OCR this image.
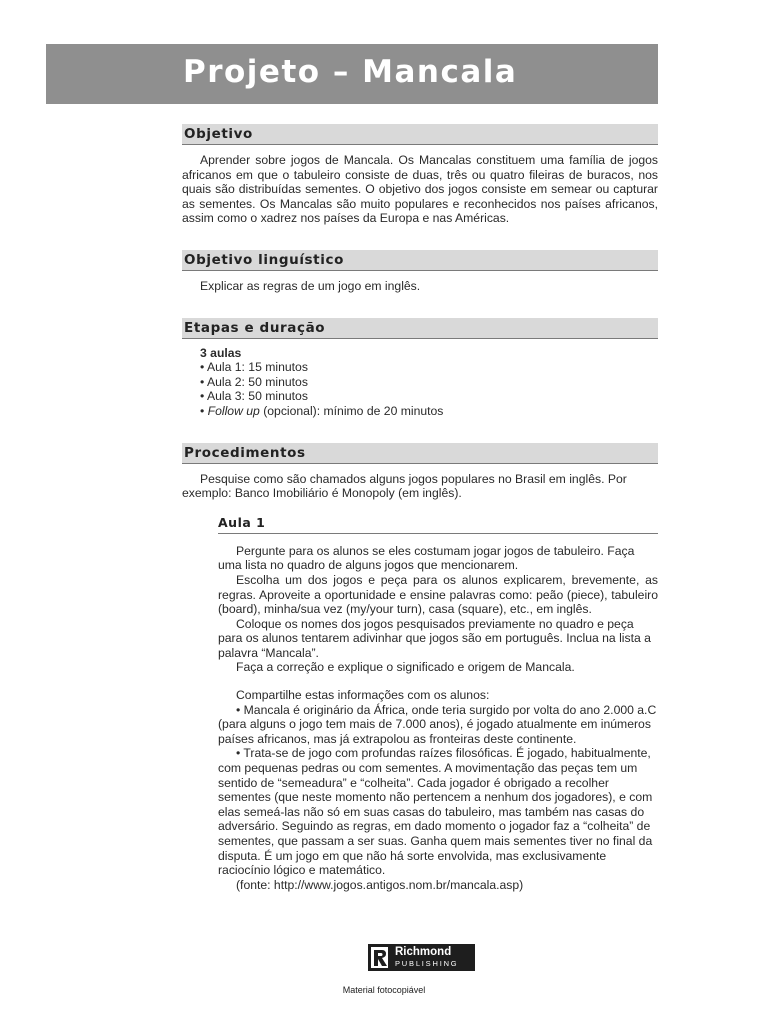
Projeto – Mancala
Objetivo

Aprender sobre jogos de Mancala. Os Mancalas constituem uma família de jogos africanos em que o tabuleiro consiste de duas, três ou quatro fileiras de buracos, nos quais são distribuídas sementes. O objetivo dos jogos consiste em semear ou capturar as sementes. Os Mancalas são muito populares e reconhecidos nos países africanos, assim como o xadrez nos países da Europa e nas Américas.

Objetivo linguístico

Explicar as regras de um jogo em inglês.

Etapas e duração
3 aulas
• Aula 1: 15 minutos
• Aula 2: 50 minutos
• Aula 3: 50 minutos
• Follow up (opcional): mínimo de 20 minutos
Procedimentos

Pesquise como são chamados alguns jogos populares no Brasil em inglês. Por exemplo: Banco Imobiliário é Monopoly (em inglês).

Aula 1

Pergunte para os alunos se eles costumam jogar jogos de tabuleiro. Faça uma lista no quadro de alguns jogos que mencionarem.

Escolha um dos jogos e peça para os alunos explicarem, brevemente, as regras. Aproveite a oportunidade e ensine palavras como: peão (piece), tabuleiro (board), minha/sua vez (my/your turn), casa (square), etc., em inglês.

Coloque os nomes dos jogos pesquisados previamente no quadro e peça para os alunos tentarem adivinhar que jogos são em português. Inclua na lista a palavra “Mancala”.

Faça a correção e explique o significado e origem de Mancala.

Compartilhe estas informações com os alunos:

• Mancala é originário da África, onde teria surgido por volta do ano 2.000 a.C (para alguns o jogo tem mais de 7.000 anos), é jogado atualmente em inúmeros países africanos, mas já extrapolou as fronteiras deste continente.

• Trata-se de jogo com profundas raízes filosóficas. É jogado, habitualmente, com pequenas pedras ou com sementes. A movimentação das peças tem um sentido de “semeadura” e “colheita”. Cada jogador é obrigado a recolher sementes (que neste momento não pertencem a nenhum dos jogadores), e com elas semeá-las não só em suas casas do tabuleiro, mas também nas casas do adversário. Seguindo as regras, em dado momento o jogador faz a “colheita” de sementes, que passam a ser suas. Ganha quem mais sementes tiver no final da disputa. É um jogo em que não há sorte envolvida, mas exclusivamente raciocínio lógico e matemático.

(fonte: http://www.jogos.antigos.nom.br/mancala.asp)

Richmond
PUBLISHING
Material fotocopiável
